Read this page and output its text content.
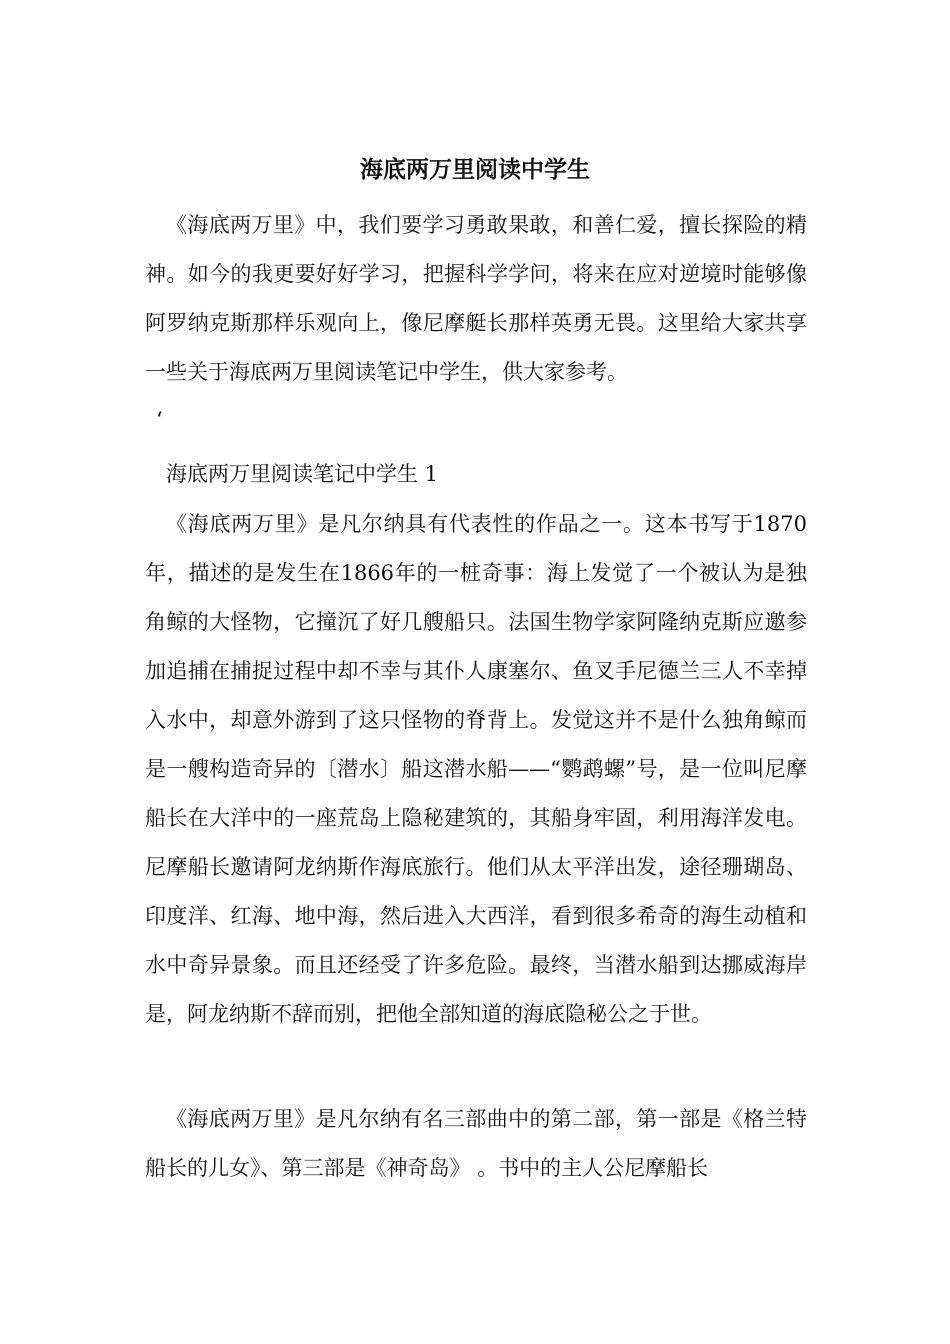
海底两万里阅读中学生

《海底两万里》中，我们要学习勇敢果敢，和善仁爱，擅长探险的精神。如今的我更要好好学习，把握科学学问，将来在应对逆境时能够像阿罗纳克斯那样乐观向上，像尼摩艇长那样英勇无畏。这里给大家共享一些关于海底两万里阅读笔记中学生，供大家参考。

‘

海底两万里阅读笔记中学生 1

《海底两万里》是凡尔纳具有代表性的作品之一。这本书写于1870年，描述的是发生在1866年的一桩奇事：海上发觉了一个被认为是独角鲸的大怪物，它撞沉了好几艘船只。法国生物学家阿隆纳克斯应邀参加追捕在捕捉过程中却不幸与其仆人康塞尔、鱼叉手尼德兰三人不幸掉入水中，却意外游到了这只怪物的脊背上。发觉这并不是什么独角鲸而是一艘构造奇异的〔潜水〕船这潜水船——“鹦鹉螺”号，是一位叫尼摩船长在大洋中的一座荒岛上隐秘建筑的，其船身牢固，利用海洋发电。尼摩船长邀请阿龙纳斯作海底旅行。他们从太平洋出发，途径珊瑚岛、印度洋、红海、地中海，然后进入大西洋，看到很多希奇的海生动植和水中奇异景象。而且还经受了许多危险。最终，当潜水船到达挪威海岸是，阿龙纳斯不辞而别，把他全部知道的海底隐秘公之于世。

《海底两万里》是凡尔纳有名三部曲中的第二部，第一部是《格兰特船长的儿女》、第三部是《神奇岛》 。书中的主人公尼摩船长
